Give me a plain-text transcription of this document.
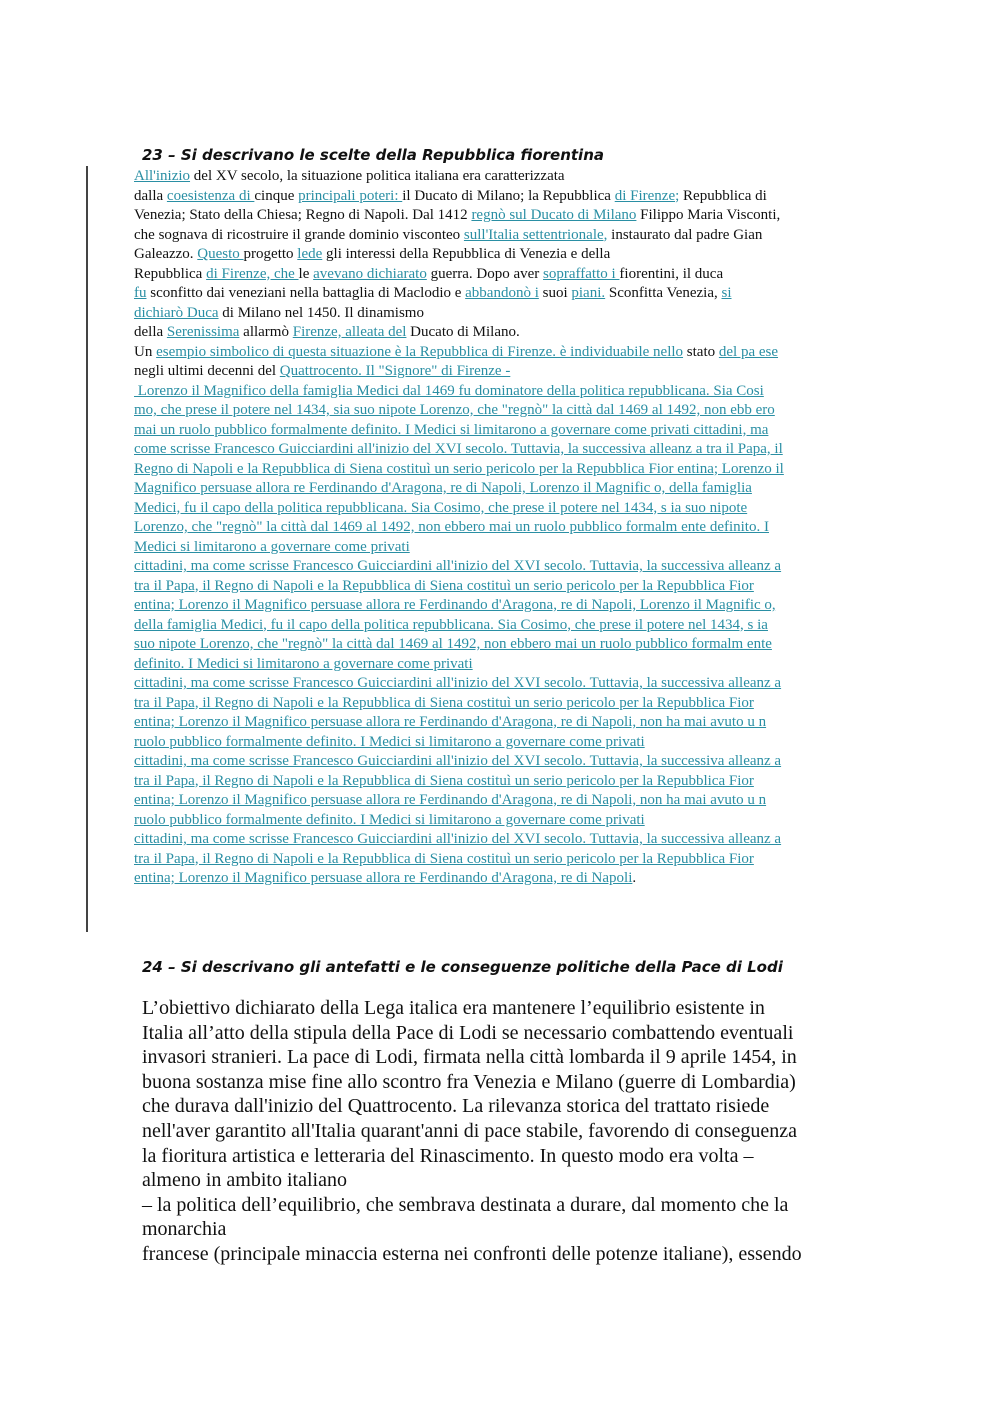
23 – Si descrivano le scelte della Repubblica fiorentina
All'inizio del XV secolo, la situazione politica italiana era caratterizzata
dalla coesistenza di cinque principali poteri: il Ducato di Milano; la Repubblica di Firenze; Repubblica di
Venezia; Stato della Chiesa; Regno di Napoli. Dal 1412 regnò sul Ducato di Milano Filippo Maria Visconti,
che sognava di ricostruire il grande dominio visconteo sull'Italia settentrionale, instaurato dal padre Gian
Galeazzo. Questo progetto lede gli interessi della Repubblica di Venezia e della
Repubblica di Firenze, che le avevano dichiarato guerra. Dopo aver sopraffatto i fiorentini, il duca
fu sconfitto dai veneziani nella battaglia di Maclodio e abbandonò i suoi piani. Sconfitta Venezia, si
dichiarò Duca di Milano nel 1450. Il dinamismo
della Serenissima allarmò Firenze, alleata del Ducato di Milano.
Un esempio simbolico di questa situazione è la Repubblica di Firenze. è individuabile nello stato del pa ese
negli ultimi decenni del Quattrocento. Il "Signore" di Firenze -
Lorenzo il Magnifico della famiglia Medici dal 1469 fu dominatore della politica repubblicana. Sia Cosi
mo, che prese il potere nel 1434, sia suo nipote Lorenzo, che "regnò" la città dal 1469 al 1492, non ebb ero
mai un ruolo pubblico formalmente definito. I Medici si limitarono a governare come privati cittadini, ma
come scrisse Francesco Guicciardini all'inizio del XVI secolo. Tuttavia, la successiva alleanz a tra il Papa, il
Regno di Napoli e la Repubblica di Siena costituì un serio pericolo per la Repubblica Fior entina; Lorenzo il
Magnifico persuase allora re Ferdinando d'Aragona, re di Napoli, Lorenzo il Magnific o, della famiglia
Medici, fu il capo della politica repubblicana. Sia Cosimo, che prese il potere nel 1434, s ia suo nipote
Lorenzo, che "regnò" la città dal 1469 al 1492, non ebbero mai un ruolo pubblico formalm ente definito. I
Medici si limitarono a governare come privati
cittadini, ma come scrisse Francesco Guicciardini all'inizio del XVI secolo. Tuttavia, la successiva alleanz a
tra il Papa, il Regno di Napoli e la Repubblica di Siena costituì un serio pericolo per la Repubblica Fior
entina; Lorenzo il Magnifico persuase allora re Ferdinando d'Aragona, re di Napoli, Lorenzo il Magnific o,
della famiglia Medici, fu il capo della politica repubblicana. Sia Cosimo, che prese il potere nel 1434, s ia
suo nipote Lorenzo, che "regnò" la città dal 1469 al 1492, non ebbero mai un ruolo pubblico formalm ente
definito. I Medici si limitarono a governare come privati
cittadini, ma come scrisse Francesco Guicciardini all'inizio del XVI secolo. Tuttavia, la successiva alleanz a
tra il Papa, il Regno di Napoli e la Repubblica di Siena costituì un serio pericolo per la Repubblica Fior
entina; Lorenzo il Magnifico persuase allora re Ferdinando d'Aragona, re di Napoli, non ha mai avuto u n
ruolo pubblico formalmente definito. I Medici si limitarono a governare come privati
cittadini, ma come scrisse Francesco Guicciardini all'inizio del XVI secolo. Tuttavia, la successiva alleanz a
tra il Papa, il Regno di Napoli e la Repubblica di Siena costituì un serio pericolo per la Repubblica Fior
entina; Lorenzo il Magnifico persuase allora re Ferdinando d'Aragona, re di Napoli, non ha mai avuto u n
ruolo pubblico formalmente definito. I Medici si limitarono a governare come privati
cittadini, ma come scrisse Francesco Guicciardini all'inizio del XVI secolo. Tuttavia, la successiva alleanz a
tra il Papa, il Regno di Napoli e la Repubblica di Siena costituì un serio pericolo per la Repubblica Fior
entina; Lorenzo il Magnifico persuase allora re Ferdinando d'Aragona, re di Napoli.
24 – Si descrivano gli antefatti e le conseguenze politiche della Pace di Lodi
L’obiettivo dichiarato della Lega italica era mantenere l’equilibrio esistente in
Italia all’atto della stipula della Pace di Lodi se necessario combattendo eventuali
invasori stranieri. La pace di Lodi, firmata nella città lombarda il 9 aprile 1454, in
buona sostanza mise fine allo scontro fra Venezia e Milano (guerre di Lombardia)
che durava dall'inizio del Quattrocento. La rilevanza storica del trattato risiede
nell'aver garantito all'Italia quarant'anni di pace stabile, favorendo di conseguenza
la fioritura artistica e letteraria del Rinascimento. In questo modo era volta –
almeno in ambito italiano
– la politica dell’equilibrio, che sembrava destinata a durare, dal momento che la
monarchia
francese (principale minaccia esterna nei confronti delle potenze italiane), essendo
